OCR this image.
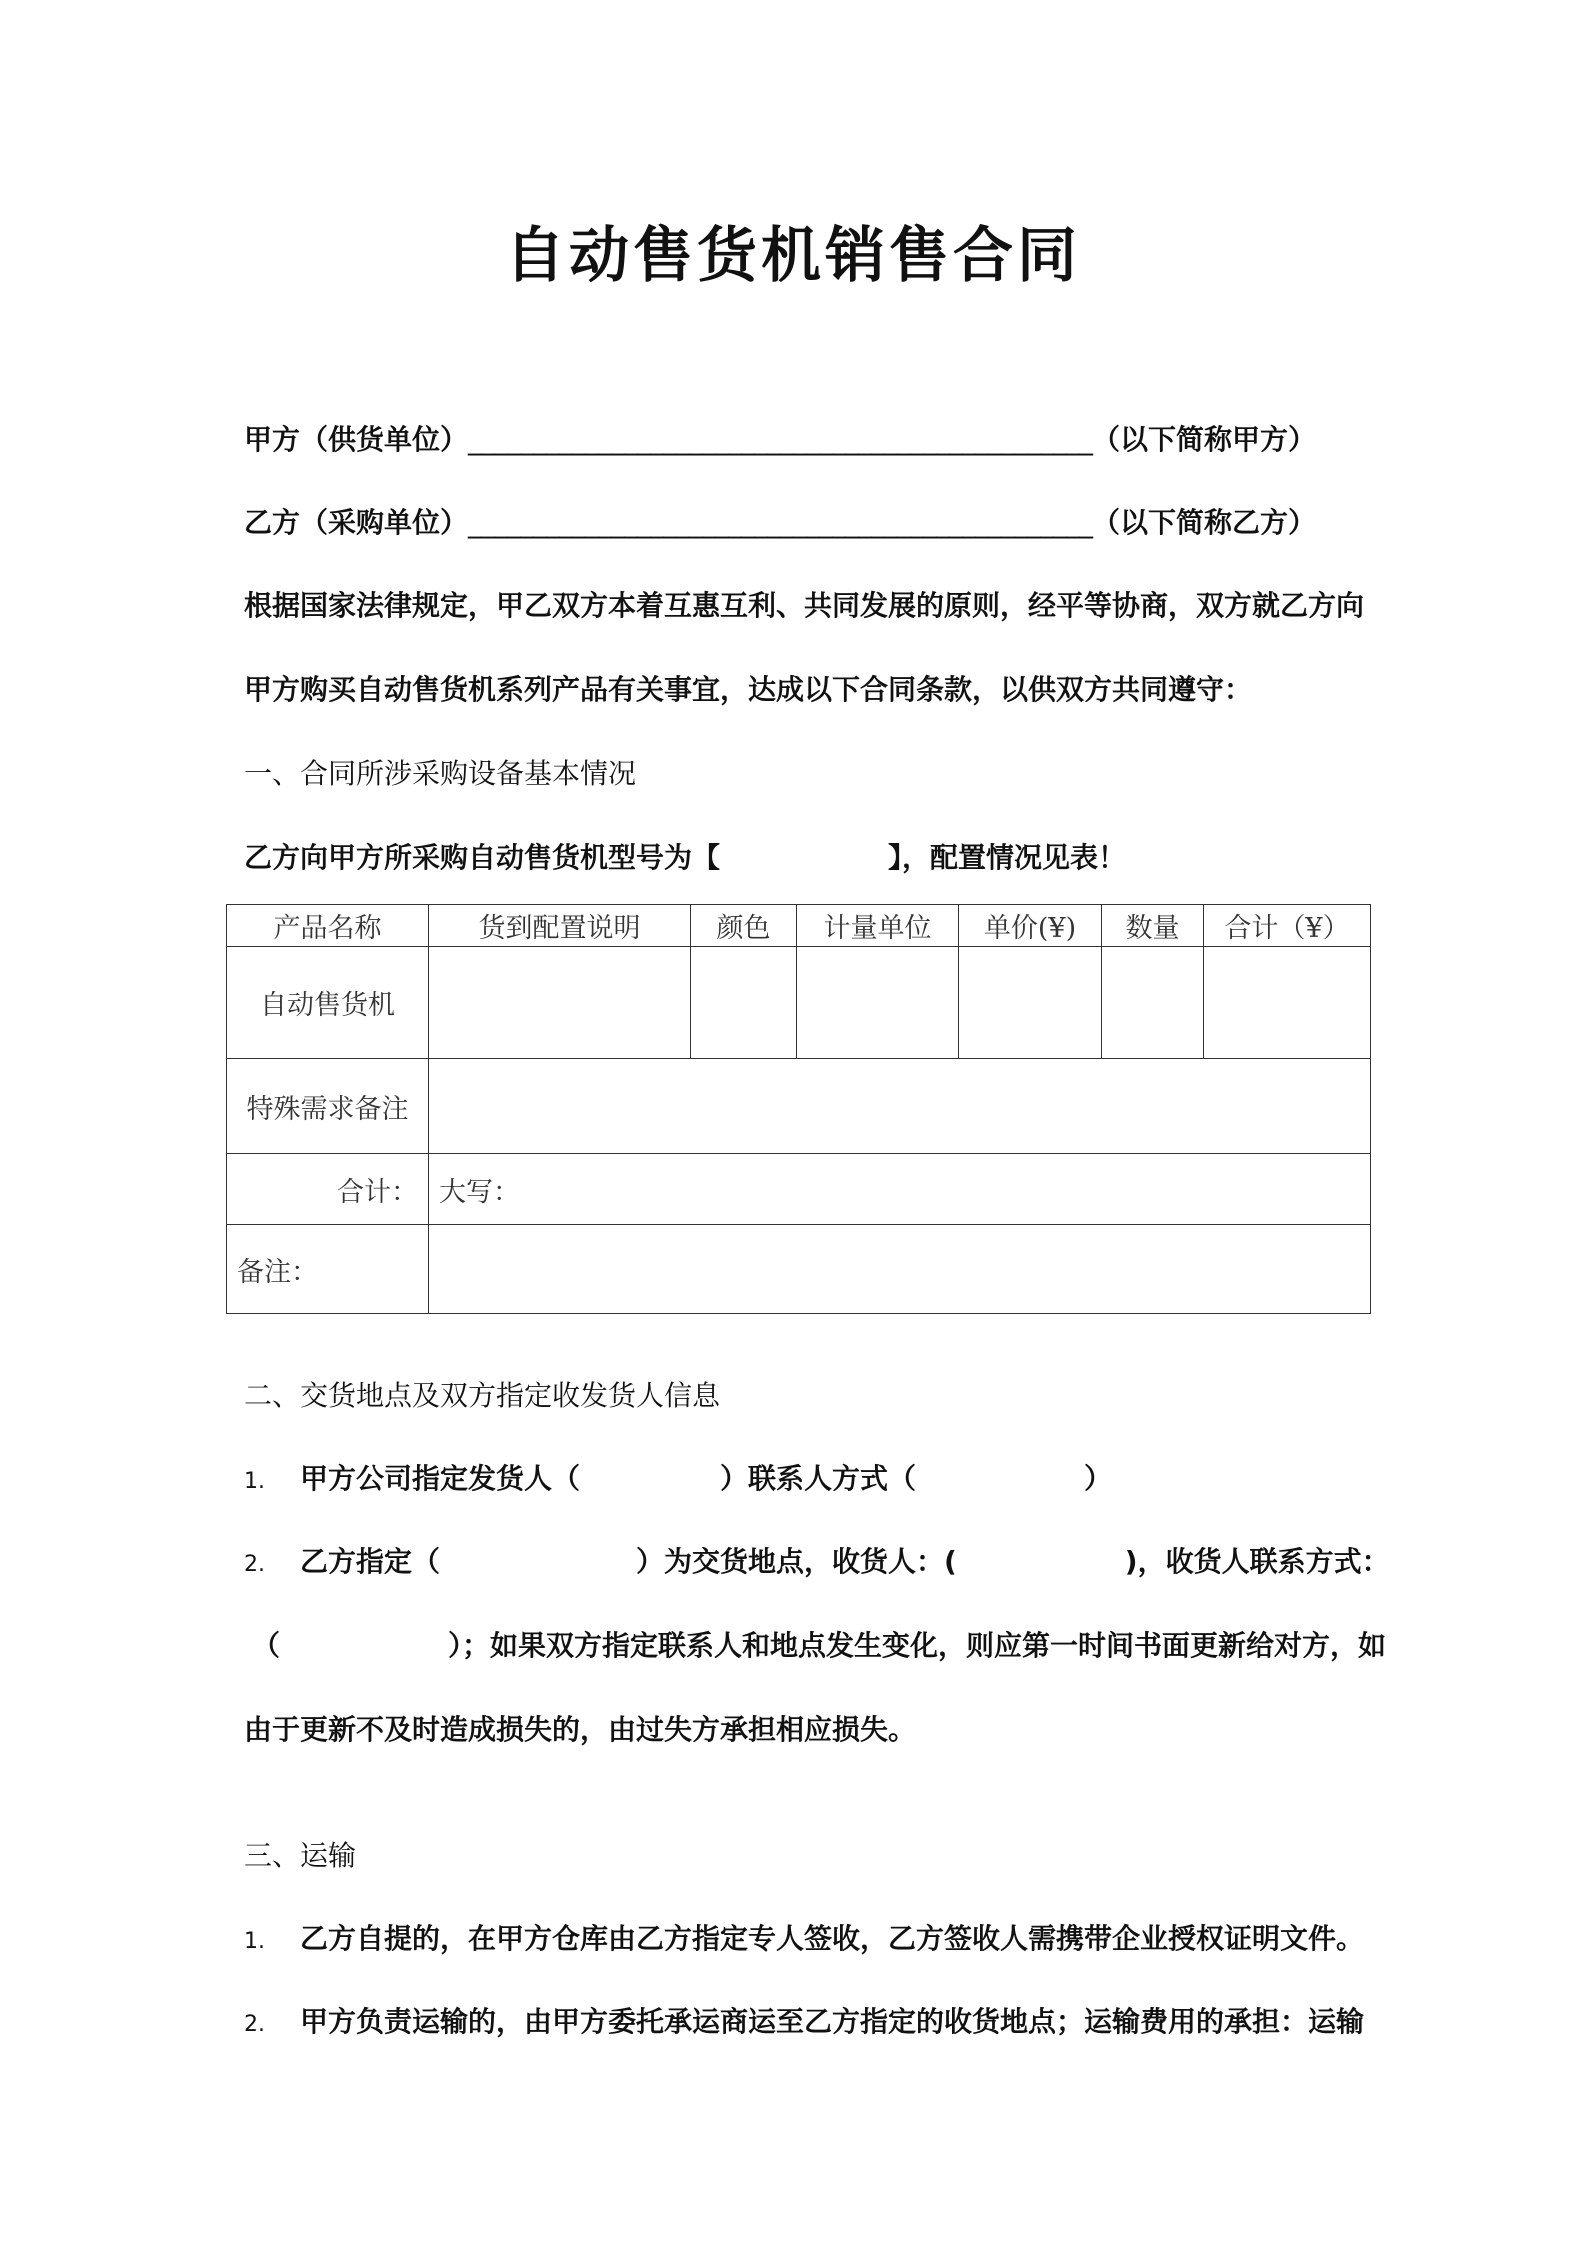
自动售货机销售合同
甲方（供货单位）________________________________________________（以下简称甲方）
乙方（采购单位）________________________________________________（以下简称乙方）
根据国家法律规定，甲乙双方本着互惠互利、共同发展的原则，经平等协商，双方就乙方向
甲方购买自动售货机系列产品有关事宜，达成以下合同条款，以供双方共同遵守：
一、合同所涉采购设备基本情况
乙方向甲方所采购自动售货机型号为【　　　　　　】，配置情况见表！
产品名称	货到配置说明	颜色	计量单位	单价(¥)	数量	合计（¥）
自动售货机						
特殊需求备注						
合计：	大写：					
备注：						
二、交货地点及双方指定收发货人信息
1. 甲方公司指定发货人（　　　　　）联系人方式（　　　　　　）
2. 乙方指定（　　　　　　　）为交货地点，收货人：(　　　　　　)，收货人联系方式：
（　　　　　　）；如果双方指定联系人和地点发生变化，则应第一时间书面更新给对方，如
由于更新不及时造成损失的，由过失方承担相应损失。
三、运输
1. 乙方自提的，在甲方仓库由乙方指定专人签收，乙方签收人需携带企业授权证明文件。
2. 甲方负责运输的，由甲方委托承运商运至乙方指定的收货地点；运输费用的承担：运输
